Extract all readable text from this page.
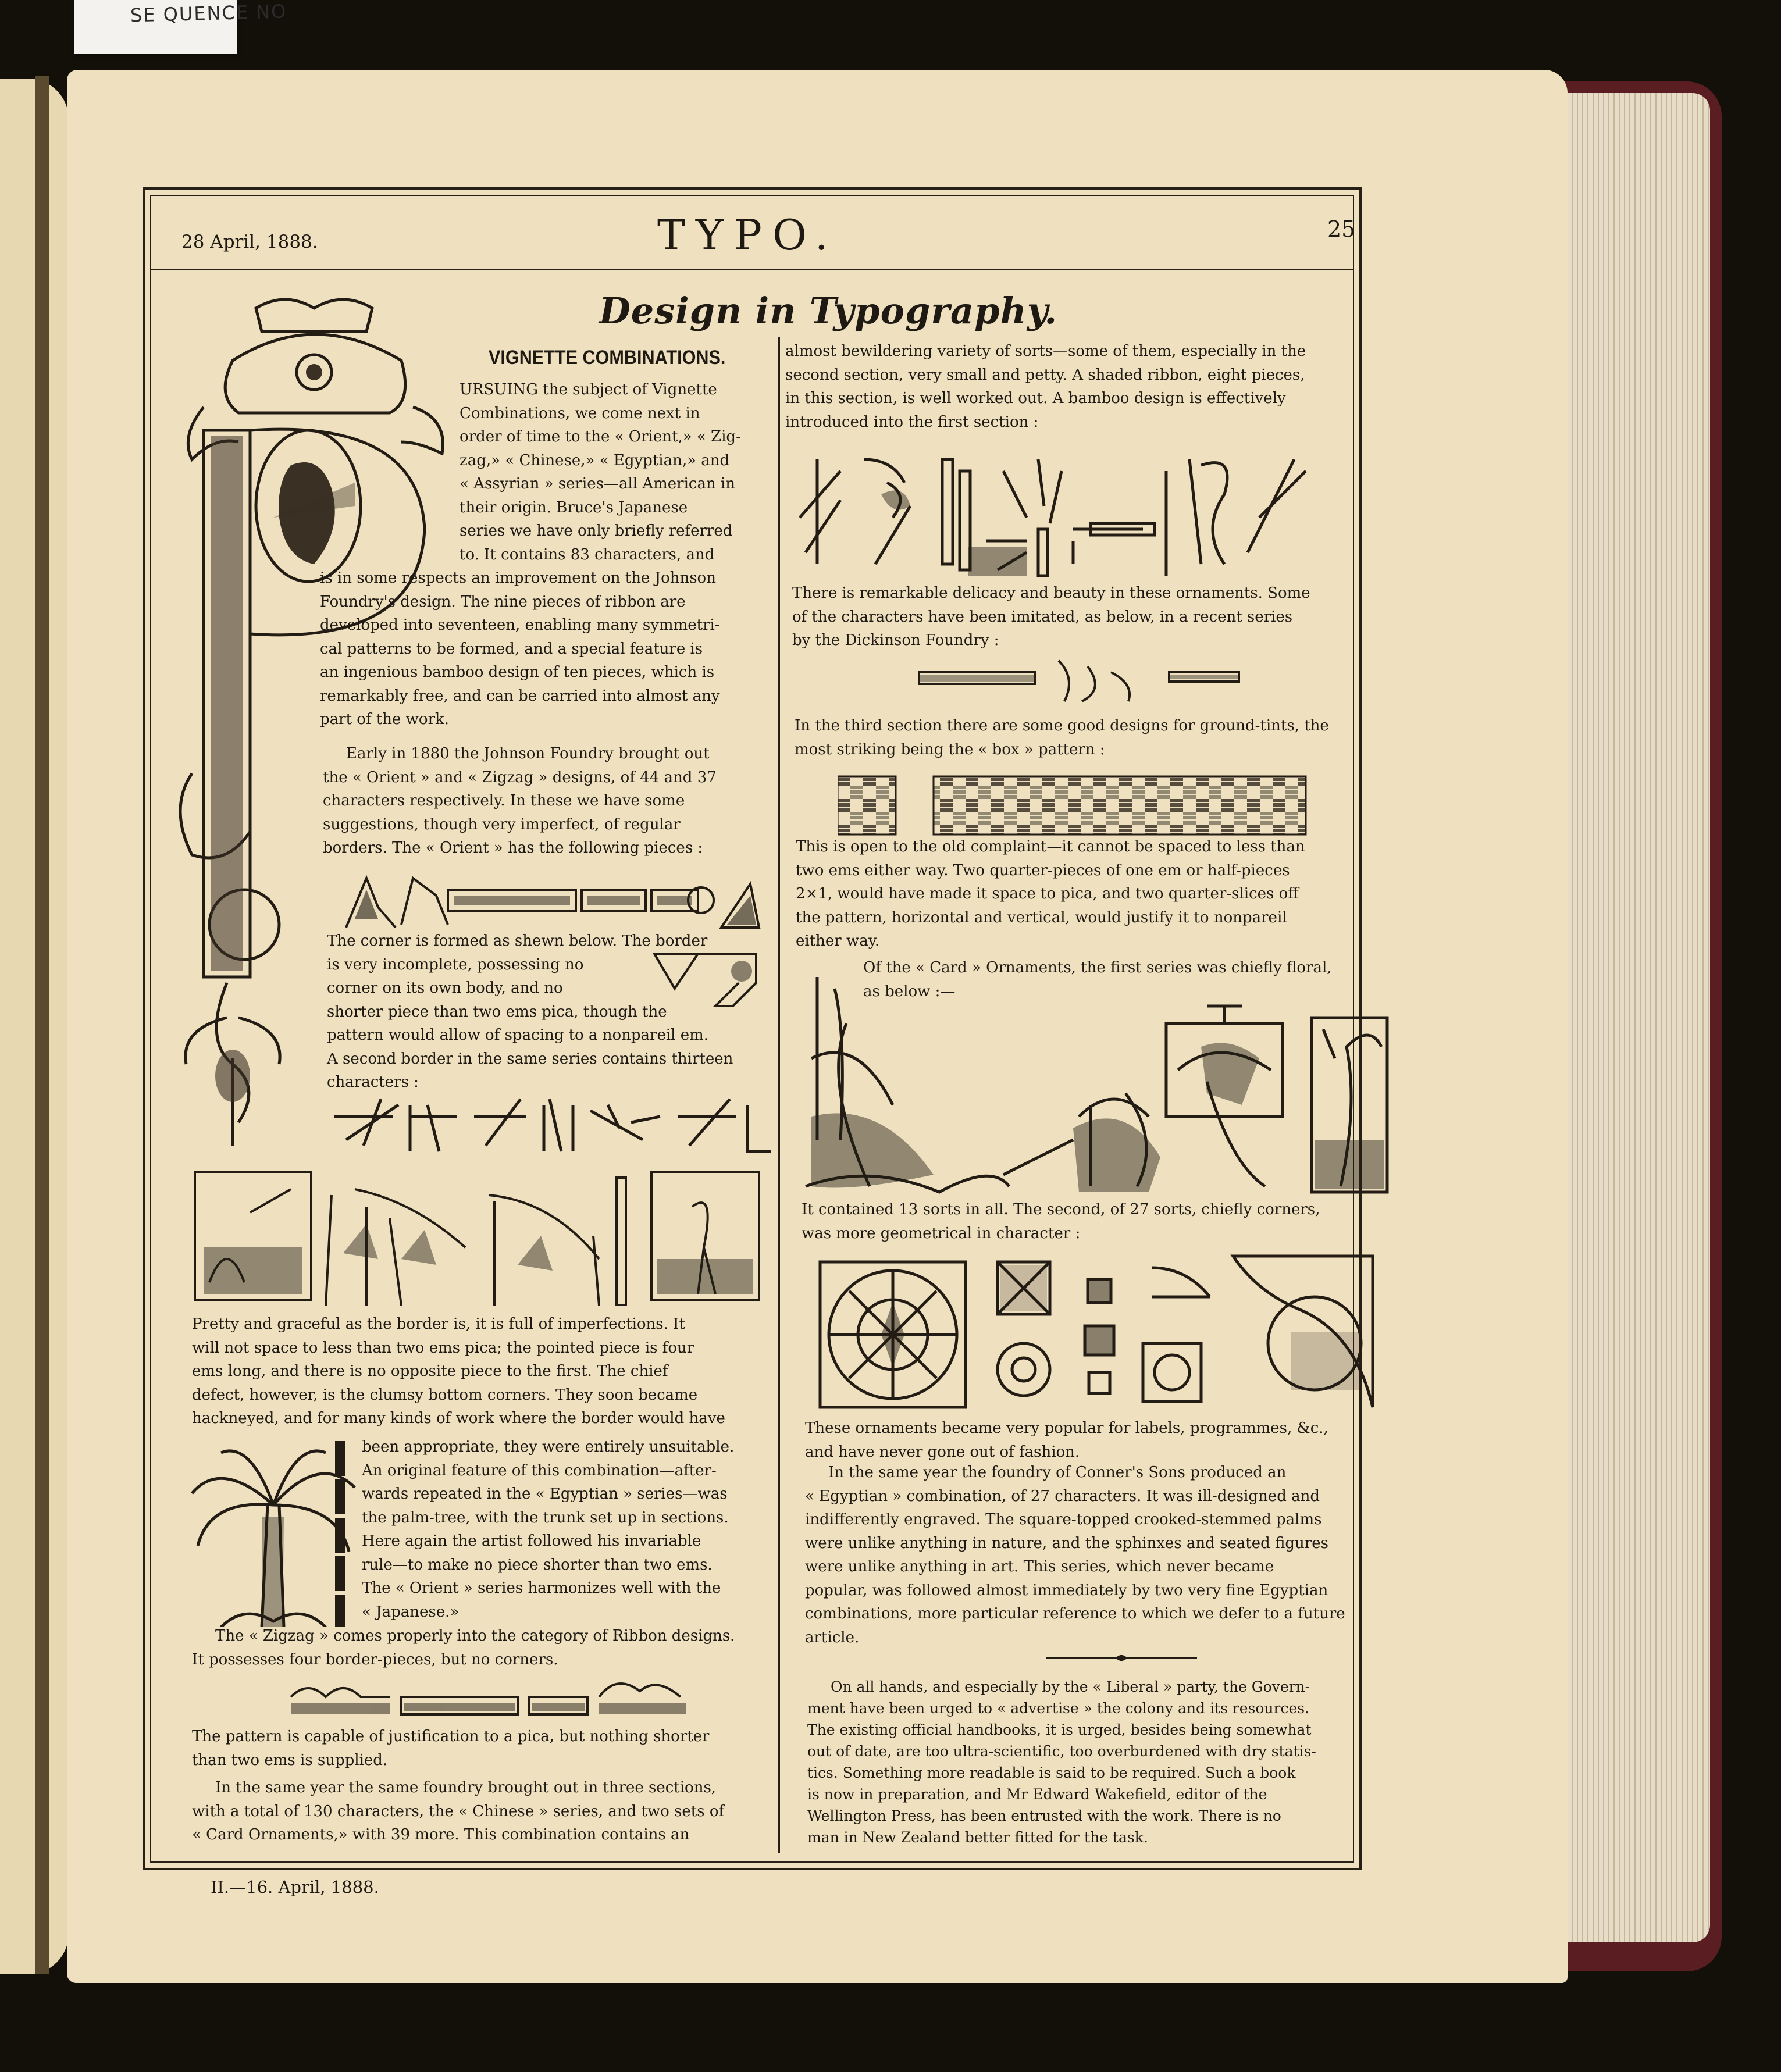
SE QUENCE NO
28 April, 1888.	TYPO.	25
Design in Typography.
VIGNETTE COMBINATIONS.
URSUING the subject of Vignette
Combinations, we come next in
order of time to the « Orient,» « Zig-
zag,» « Chinese,» « Egyptian,» and
« Assyrian » series—all American in
their origin. Bruce's Japanese
series we have only briefly referred
to. It contains 83 characters, and
is in some respects an improvement on the Johnson
Foundry's design. The nine pieces of ribbon are
developed into seventeen, enabling many symmetri-
cal patterns to be formed, and a special feature is
an ingenious bamboo design of ten pieces, which is
remarkably free, and can be carried into almost any
part of the work.
Early in 1880 the Johnson Foundry brought out
the « Orient » and « Zigzag » designs, of 44 and 37
characters respectively. In these we have some
suggestions, though very imperfect, of regular
borders. The « Orient » has the following pieces :
The corner is formed as shewn below. The border
is very incomplete, possessing no
corner on its own body, and no
shorter piece than two ems pica, though the
pattern would allow of spacing to a nonpareil em.
A second border in the same series contains thirteen
characters :
Pretty and graceful as the border is, it is full of imperfections. It
will not space to less than two ems pica; the pointed piece is four
ems long, and there is no opposite piece to the first. The chief
defect, however, is the clumsy bottom corners. They soon became
hackneyed, and for many kinds of work where the border would have
been appropriate, they were entirely unsuitable.
An original feature of this combination—after-
wards repeated in the « Egyptian » series—was
the palm-tree, with the trunk set up in sections.
Here again the artist followed his invariable
rule—to make no piece shorter than two ems.
The « Orient » series harmonizes well with the
« Japanese.»
The « Zigzag » comes properly into the category of Ribbon designs.
It possesses four border-pieces, but no corners.
The pattern is capable of justification to a pica, but nothing shorter
than two ems is supplied.
In the same year the same foundry brought out in three sections,
with a total of 130 characters, the « Chinese » series, and two sets of
« Card Ornaments,» with 39 more. This combination contains an
almost bewildering variety of sorts—some of them, especially in the
second section, very small and petty. A shaded ribbon, eight pieces,
in this section, is well worked out. A bamboo design is effectively
introduced into the first section :
There is remarkable delicacy and beauty in these ornaments. Some
of the characters have been imitated, as below, in a recent series
by the Dickinson Foundry :
In the third section there are some good designs for ground-tints, the
most striking being the « box » pattern :
This is open to the old complaint—it cannot be spaced to less than
two ems either way. Two quarter-pieces of one em or half-pieces
2×1, would have made it space to pica, and two quarter-slices off
the pattern, horizontal and vertical, would justify it to nonpareil
either way.
Of the « Card » Ornaments, the first series was chiefly floral,
as below :—
It contained 13 sorts in all. The second, of 27 sorts, chiefly corners,
was more geometrical in character :
These ornaments became very popular for labels, programmes, &c.,
and have never gone out of fashion.
In the same year the foundry of Conner's Sons produced an
« Egyptian » combination, of 27 characters. It was ill-designed and
indifferently engraved. The square-topped crooked-stemmed palms
were unlike anything in nature, and the sphinxes and seated figures
were unlike anything in art. This series, which never became
popular, was followed almost immediately by two very fine Egyptian
combinations, more particular reference to which we defer to a future
article.
On all hands, and especially by the « Liberal » party, the Govern-
ment have been urged to « advertise » the colony and its resources.
The existing official handbooks, it is urged, besides being somewhat
out of date, are too ultra-scientific, too overburdened with dry statis-
tics. Something more readable is said to be required. Such a book
is now in preparation, and Mr Edward Wakefield, editor of the
Wellington Press, has been entrusted with the work. There is no
man in New Zealand better fitted for the task.
II.—16. April, 1888.
